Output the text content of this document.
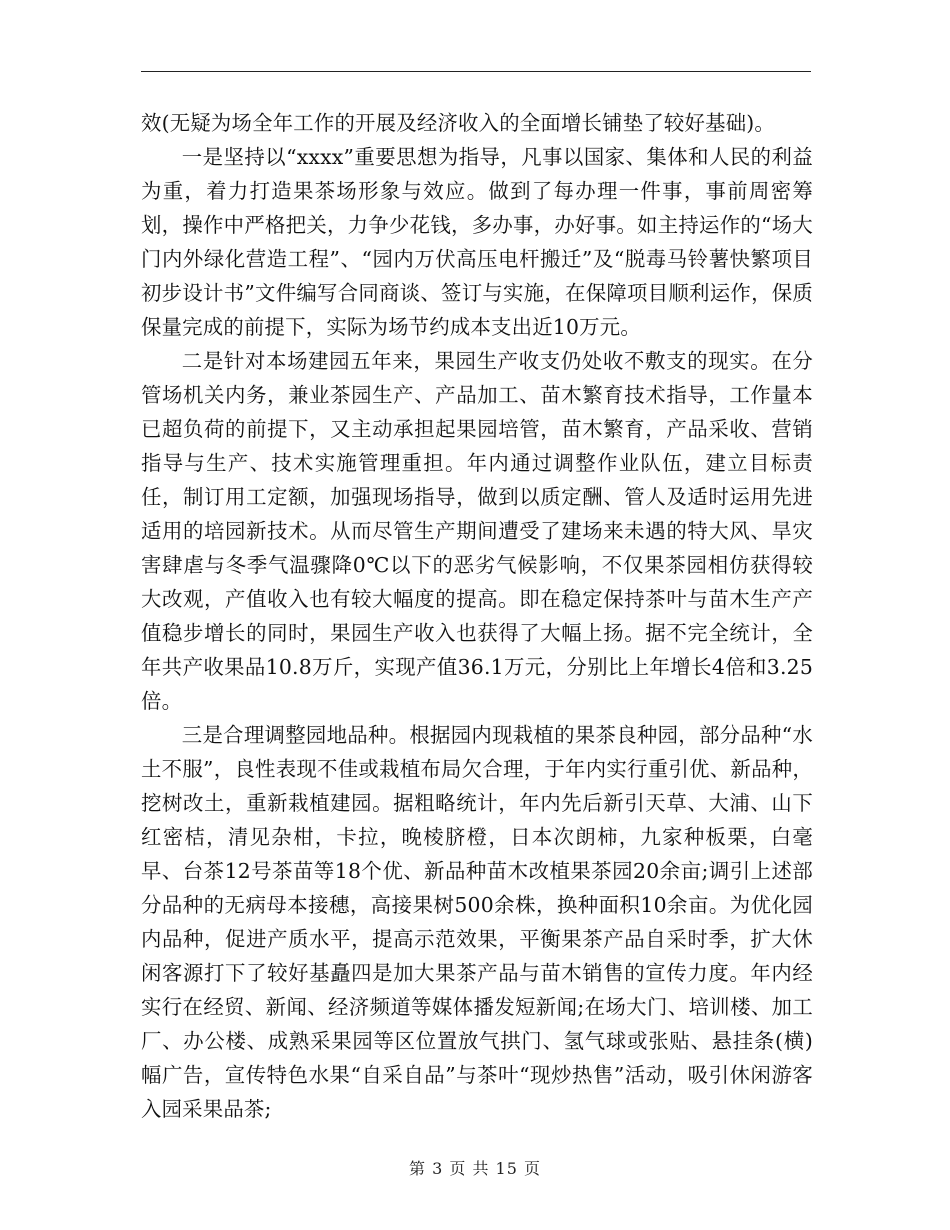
效(无疑为场全年工作的开展及经济收入的全面增长铺垫了较好基础)。

一是坚持以“xxxx”重要思想为指导，凡事以国家、集体和人民的利益为重，着力打造果茶场形象与效应。做到了每办理一件事，事前周密筹划，操作中严格把关，力争少花钱，多办事，办好事。如主持运作的“场大门内外绿化营造工程”、“园内万伏高压电杆搬迁”及“脱毒马铃薯快繁项目初步设计书”文件编写合同商谈、签订与实施，在保障项目顺利运作，保质保量完成的前提下，实际为场节约成本支出近10万元。

二是针对本场建园五年来，果园生产收支仍处收不敷支的现实。在分管场机关内务，兼业茶园生产、产品加工、苗木繁育技术指导，工作量本已超负荷的前提下，又主动承担起果园培管，苗木繁育，产品采收、营销指导与生产、技术实施管理重担。年内通过调整作业队伍，建立目标责任，制订用工定额，加强现场指导，做到以质定酬、管人及适时运用先进适用的培园新技术。从而尽管生产期间遭受了建场来未遇的特大风、旱灾害肆虐与冬季气温骤降0℃以下的恶劣气候影响，不仅果茶园相仿获得较大改观，产值收入也有较大幅度的提高。即在稳定保持茶叶与苗木生产产值稳步增长的同时，果园生产收入也获得了大幅上扬。据不完全统计，全年共产收果品10.8万斤，实现产值36.1万元，分别比上年增长4倍和3.25倍。

三是合理调整园地品种。根据园内现栽植的果茶良种园，部分品种“水土不服”，良性表现不佳或栽植布局欠合理，于年内实行重引优、新品种，挖树改土，重新栽植建园。据粗略统计，年内先后新引天草、大浦、山下红密桔，清见杂柑，卡拉，晚棱脐橙，日本次朗柿，九家种板栗，白毫早、台茶12号茶苗等18个优、新品种苗木改植果茶园20余亩;调引上述部分品种的无病母本接穗，高接果树500余株，换种面积10余亩。为优化园内品种，促进产质水平，提高示范效果，平衡果茶产品自采时季，扩大休闲客源打下了较好基矗四是加大果茶产品与苗木销售的宣传力度。年内经实行在经贸、新闻、经济频道等媒体播发短新闻;在场大门、培训楼、加工厂、办公楼、成熟采果园等区位置放气拱门、氢气球或张贴、悬挂条(横)幅广告，宣传特色水果“自采自品”与茶叶“现炒热售”活动，吸引休闲游客入园采果品茶;

第 3 页 共 15 页
